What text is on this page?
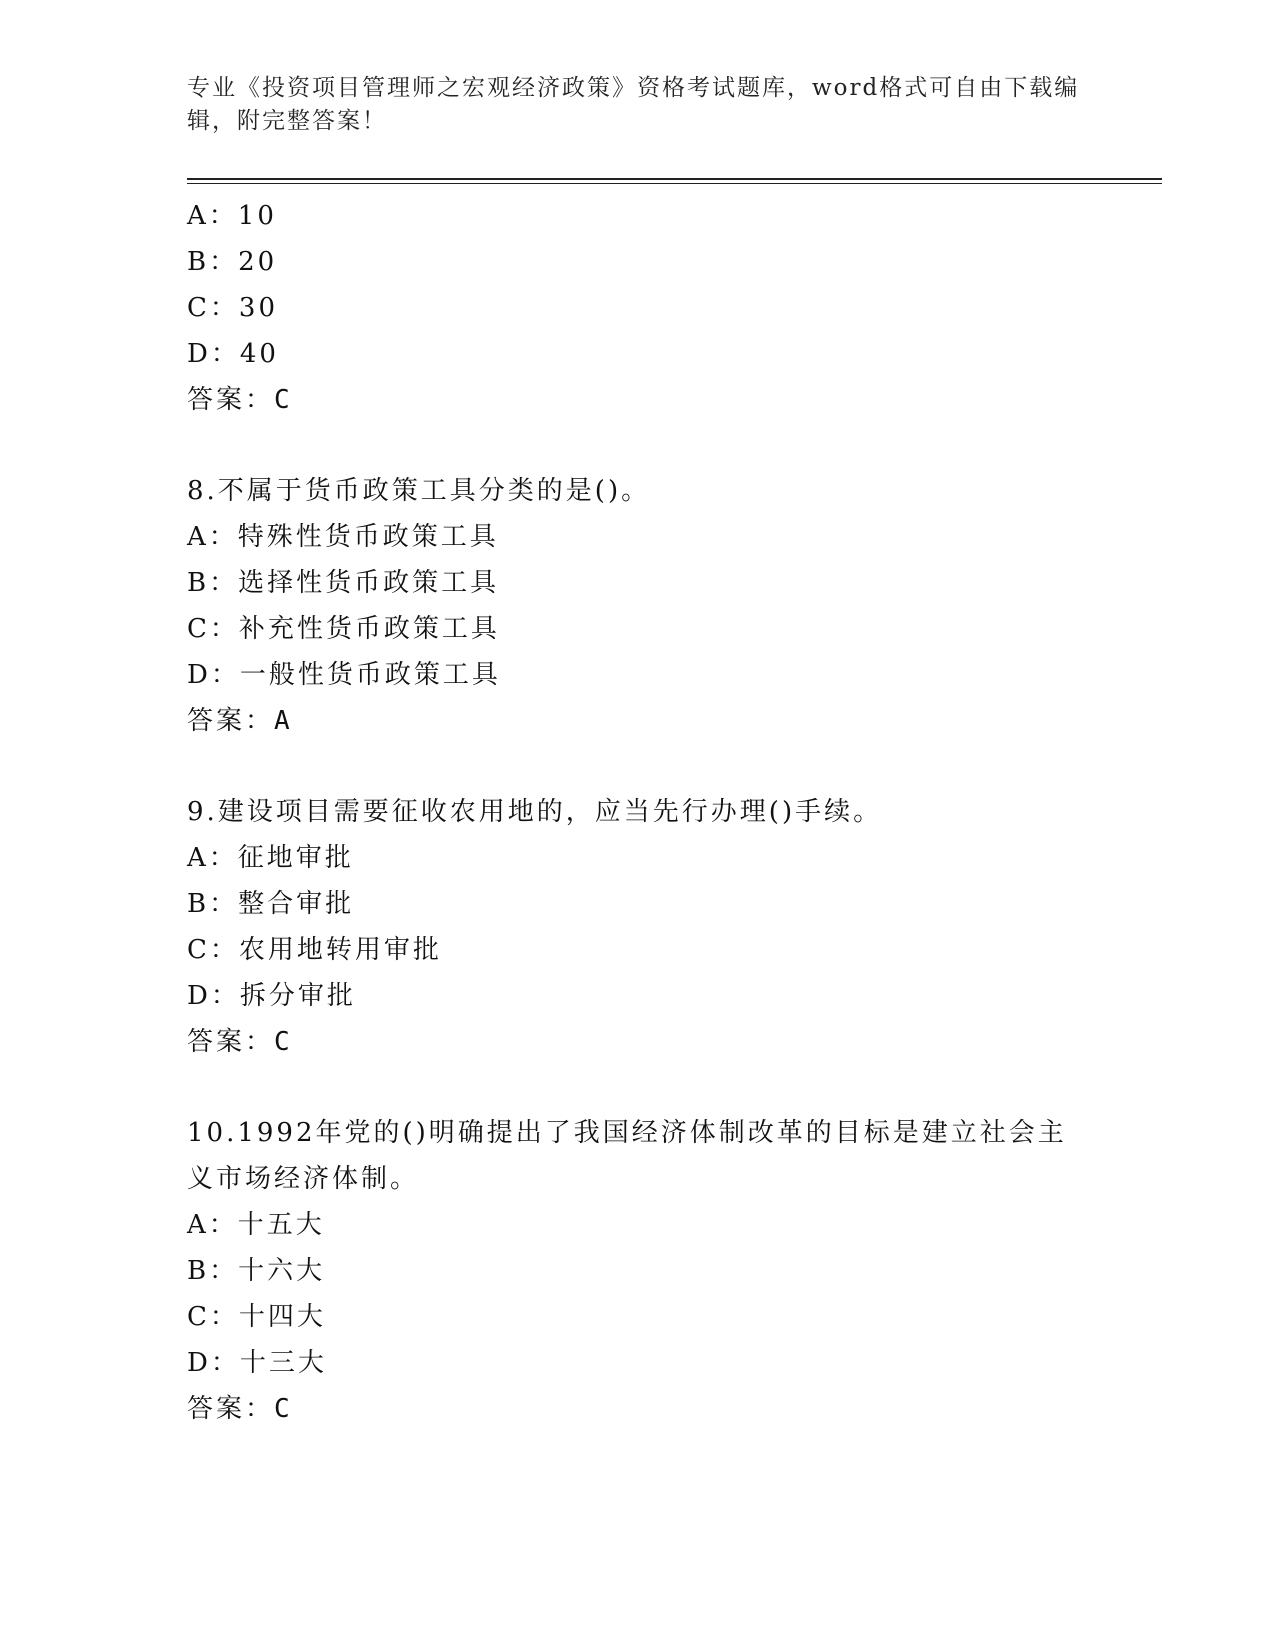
专业《投资项目管理师之宏观经济政策》资格考试题库，word格式可自由下载编辑，附完整答案！
A：10
B：20
C：30
D：40
答案：C
8.不属于货币政策工具分类的是()。
A：特殊性货币政策工具
B：选择性货币政策工具
C：补充性货币政策工具
D：一般性货币政策工具
答案：A
9.建设项目需要征收农用地的，应当先行办理()手续。
A：征地审批
B：整合审批
C：农用地转用审批
D：拆分审批
答案：C
10.1992年党的()明确提出了我国经济体制改革的目标是建立社会主义市场经济体制。
A：十五大
B：十六大
C：十四大
D：十三大
答案：C
